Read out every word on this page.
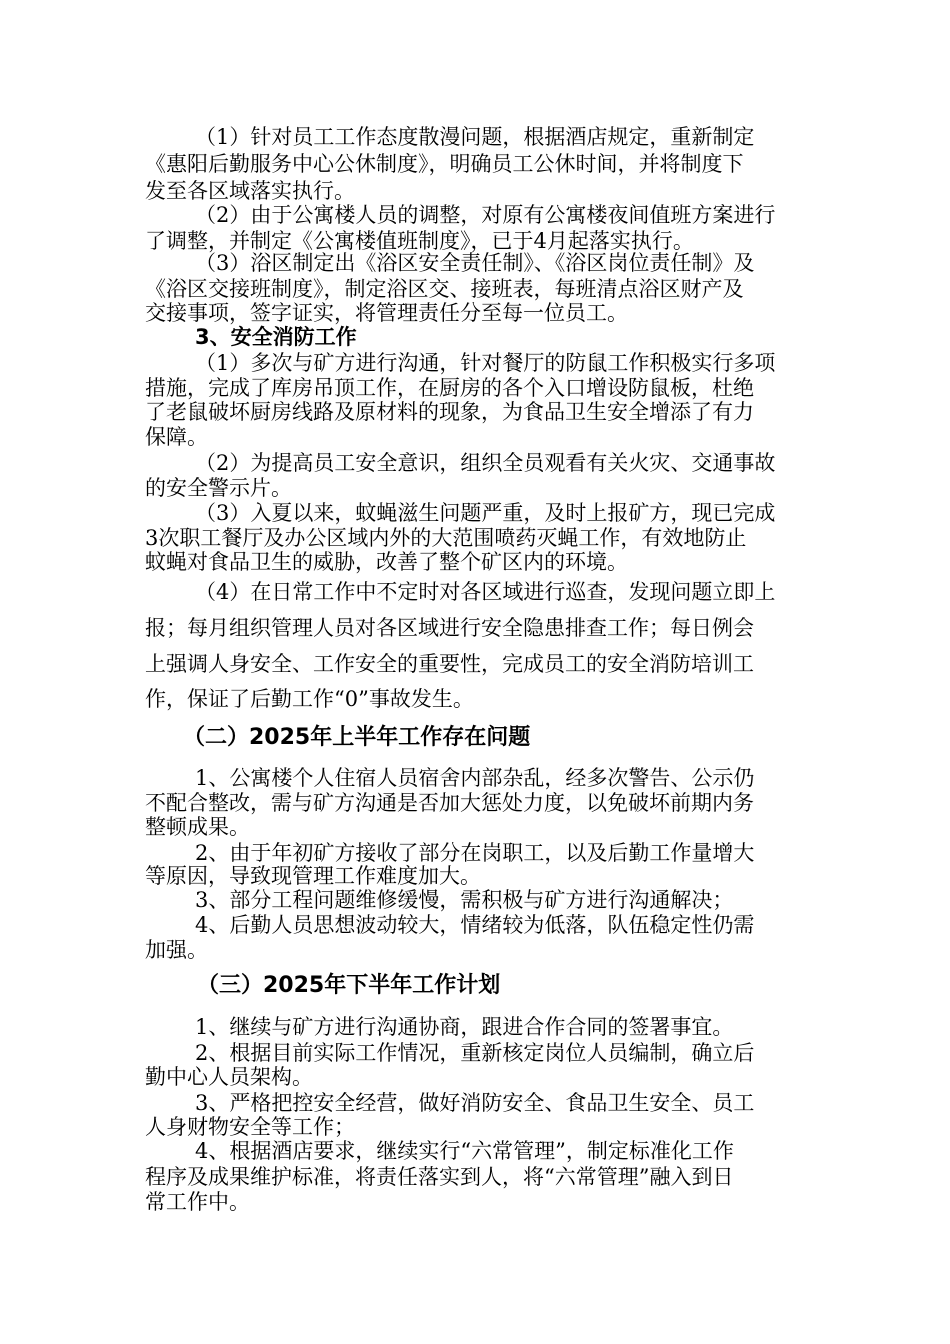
（1）针对员工工作态度散漫问题，根据酒店规定，重新制定
《惠阳后勤服务中心公休制度》，明确员工公休时间，并将制度下
发至各区域落实执行。
（2）由于公寓楼人员的调整，对原有公寓楼夜间值班方案进行
了调整，并制定《公寓楼值班制度》，已于4月起落实执行。
（3）浴区制定出《浴区安全责任制》、《浴区岗位责任制》及
《浴区交接班制度》，制定浴区交、接班表，每班清点浴区财产及
交接事项，签字证实，将管理责任分至每一位员工。
3、安全消防工作
（1）多次与矿方进行沟通，针对餐厅的防鼠工作积极实行多项
措施，完成了库房吊顶工作，在厨房的各个入口增设防鼠板，杜绝
了老鼠破坏厨房线路及原材料的现象，为食品卫生安全增添了有力
保障。
（2）为提高员工安全意识，组织全员观看有关火灾、交通事故
的安全警示片。
（3）入夏以来，蚊蝇滋生问题严重，及时上报矿方，现已完成
3次职工餐厅及办公区域内外的大范围喷药灭蝇工作，有效地防止
蚊蝇对食品卫生的威胁，改善了整个矿区内的环境。
（4）在日常工作中不定时对各区域进行巡查，发现问题立即上
报；每月组织管理人员对各区域进行安全隐患排查工作；每日例会
上强调人身安全、工作安全的重要性，完成员工的安全消防培训工
作，保证了后勤工作“0”事故发生。
（二）2025年上半年工作存在问题
1、公寓楼个人住宿人员宿舍内部杂乱，经多次警告、公示仍
不配合整改，需与矿方沟通是否加大惩处力度，以免破坏前期内务
整顿成果。
2、由于年初矿方接收了部分在岗职工，以及后勤工作量增大
等原因，导致现管理工作难度加大。
3、部分工程问题维修缓慢，需积极与矿方进行沟通解决；
4、后勤人员思想波动较大，情绪较为低落，队伍稳定性仍需
加强。
（三）2025年下半年工作计划
1、继续与矿方进行沟通协商，跟进合作合同的签署事宜。
2、根据目前实际工作情况，重新核定岗位人员编制，确立后
勤中心人员架构。
3、严格把控安全经营，做好消防安全、食品卫生安全、员工
人身财物安全等工作；
4、根据酒店要求，继续实行“六常管理”，制定标准化工作
程序及成果维护标准，将责任落实到人，将“六常管理”融入到日
常工作中。
